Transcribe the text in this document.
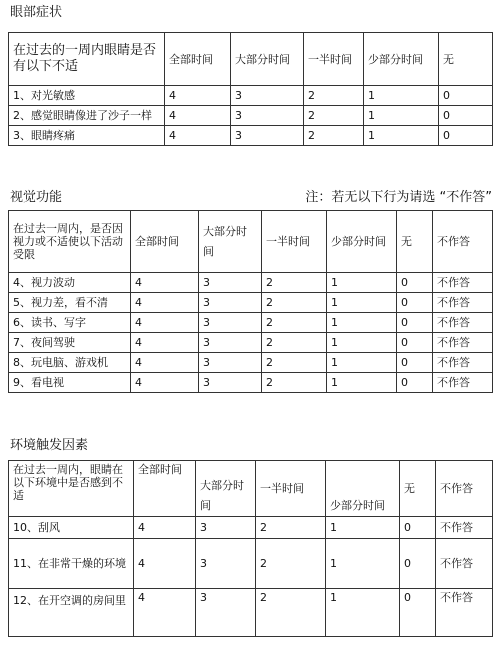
眼部症状
在过去的一周内眼睛是否有以下不适	全部时间	大部分时间	一半时间	少部分时间	无
1、对光敏感	4	3	2	1	0
2、感觉眼睛像进了沙子一样	4	3	2	1	0
3、眼睛疼痛	4	3	2	1	0
视觉功能	注：若无以下行为请选 “不作答”
在过去一周内，是否因视力或不适使以下活动受限	全部时间	大部分时间	一半时间	少部分时间	无	不作答
4、视力波动	4	3	2	1	0	不作答
5、视力差，看不清	4	3	2	1	0	不作答
6、读书、写字	4	3	2	1	0	不作答
7、夜间驾驶	4	3	2	1	0	不作答
8、玩电脑、游戏机	4	3	2	1	0	不作答
9、看电视	4	3	2	1	0	不作答
环境触发因素
在过去一周内，眼睛在以下环境中是否感到不适	全部时间	大部分时间	一半时间	少部分时间	无	不作答
10、刮风	4	3	2	1	0	不作答
11、在非常干燥的环境	4	3	2	1	0	不作答
12、在开空调的房间里	4	3	2	1	0	不作答
